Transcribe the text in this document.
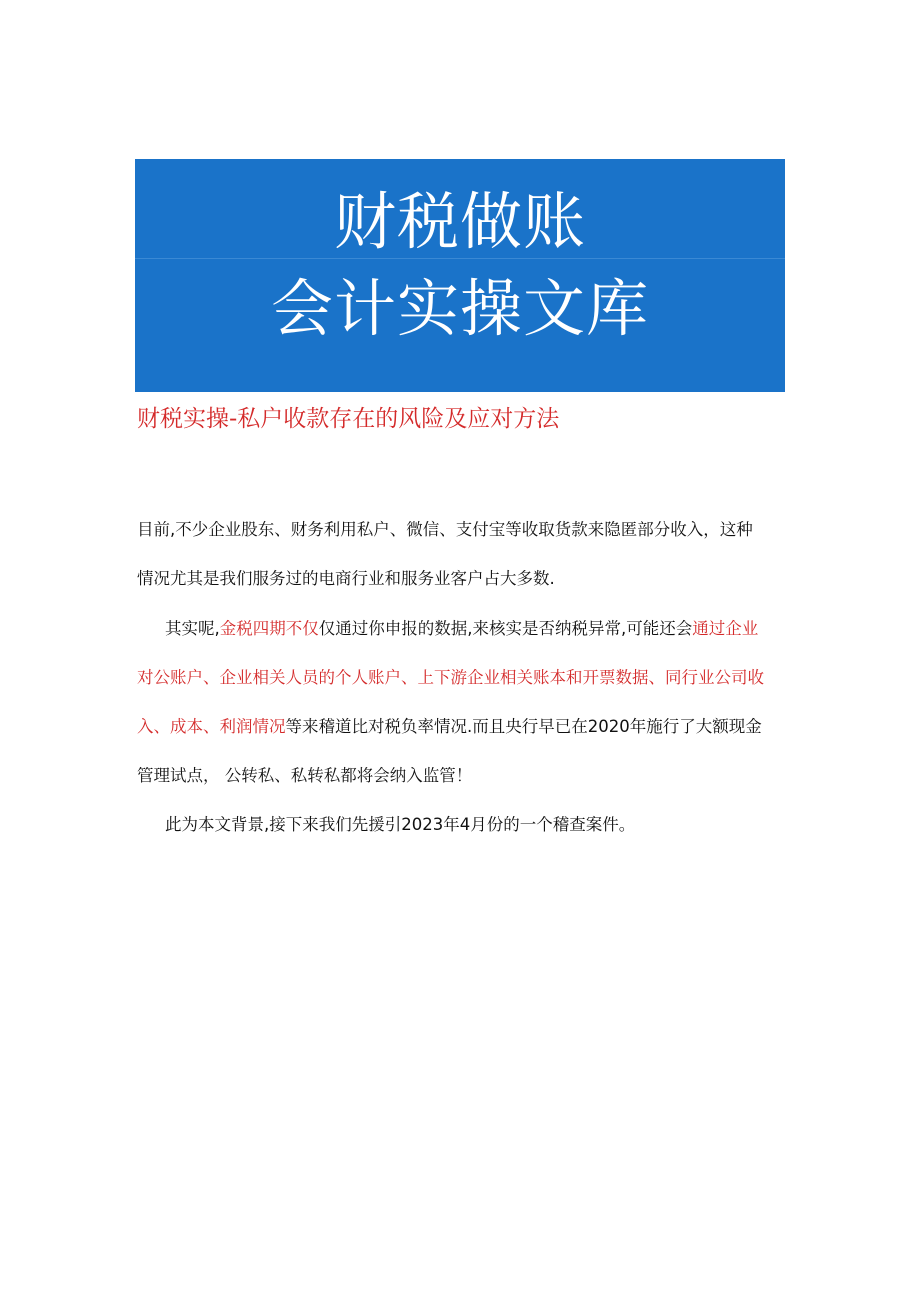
财税做账
会计实操文库
财税实操-私户收款存在的风险及应对方法
目前,不少企业股东、财务利用私户、微信、支付宝等收取货款来隐匿部分收入，这种
情况尤其是我们服务过的电商行业和服务业客户占大多数.
其实呢,金税四期不仅仅通过你申报的数据,来核实是否纳税异常,可能还会通过企业
对公账户、企业相关人员的个人账户、上下游企业相关账本和开票数据、同行业公司收
入、成本、利润情况等来稽道比对税负率情况.而且央行早已在2020年施行了大额现金
管理试点， 公转私、私转私都将会纳入监管！
此为本文背景,接下来我们先援引2023年4月份的一个稽查案件。
